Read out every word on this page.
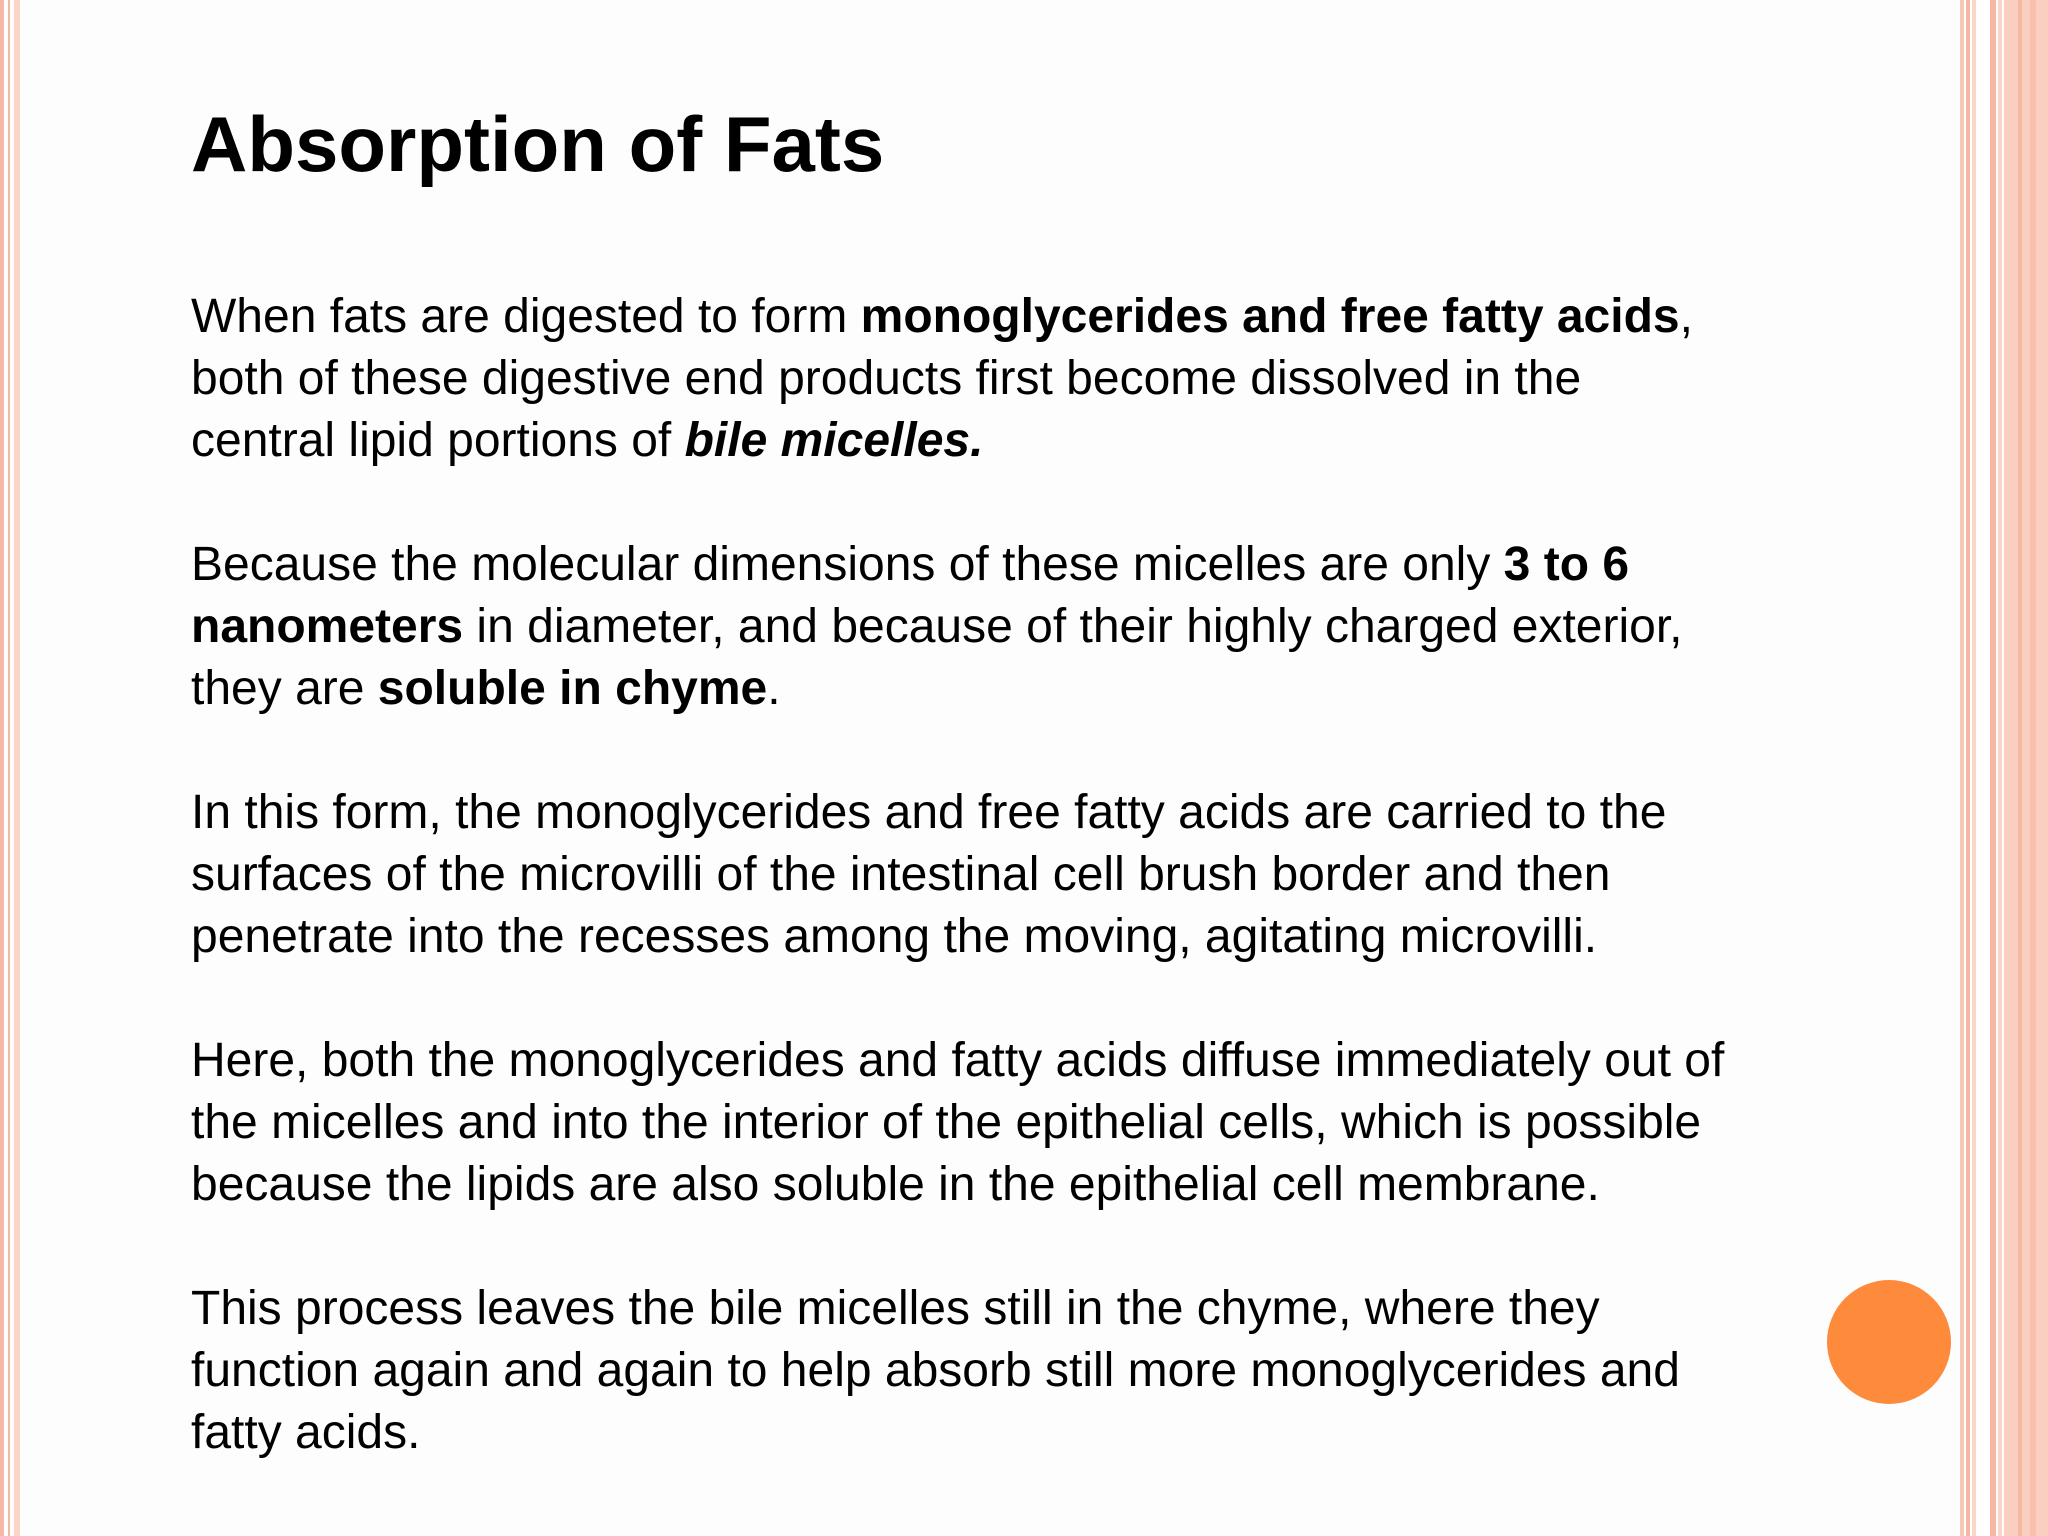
Absorption of Fats

When fats are digested to form monoglycerides and free fatty acids,
both of these digestive end products first become dissolved in the
central lipid portions of bile micelles.

Because the molecular dimensions of these micelles are only 3 to 6
nanometers in diameter, and because of their highly charged exterior,
they are soluble in chyme.

In this form, the monoglycerides and free fatty acids are carried to the
surfaces of the microvilli of the intestinal cell brush border and then
penetrate into the recesses among the moving, agitating microvilli.

Here, both the monoglycerides and fatty acids diffuse immediately out of
the micelles and into the interior of the epithelial cells, which is possible
because the lipids are also soluble in the epithelial cell membrane.

This process leaves the bile micelles still in the chyme, where they
function again and again to help absorb still more monoglycerides and
fatty acids.
